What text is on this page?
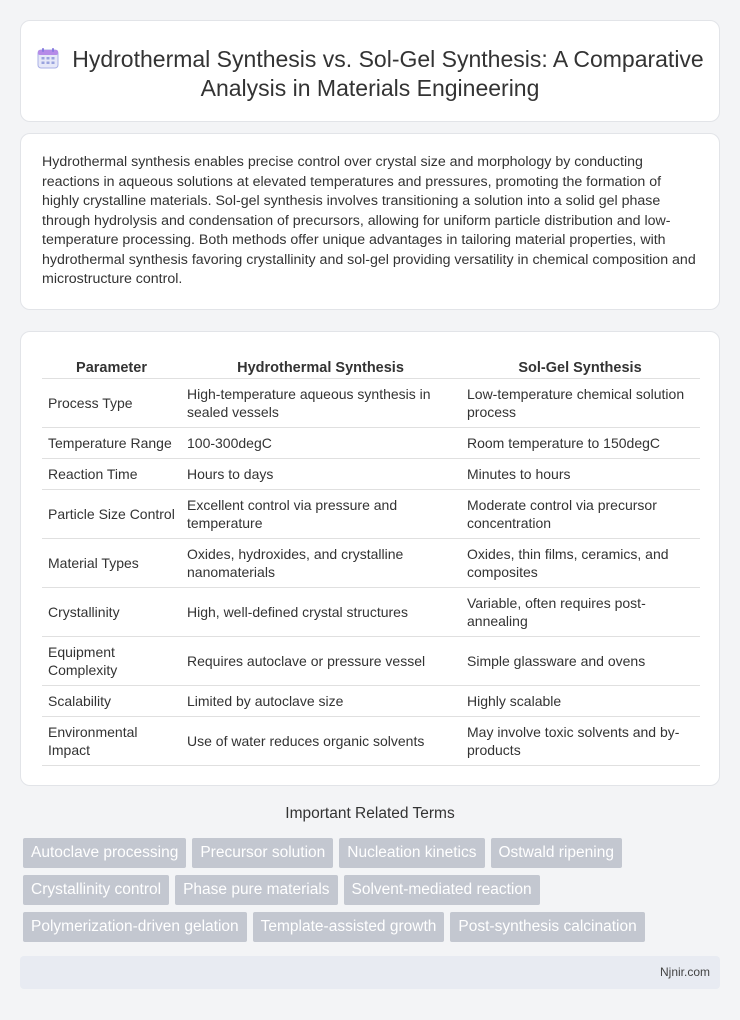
Hydrothermal Synthesis vs. Sol-Gel Synthesis: A Comparative Analysis in Materials Engineering

Hydrothermal synthesis enables precise control over crystal size and morphology by conducting reactions in aqueous solutions at elevated temperatures and pressures, promoting the formation of highly crystalline materials. Sol-gel synthesis involves transitioning a solution into a solid gel phase through hydrolysis and condensation of precursors, allowing for uniform particle distribution and low-temperature processing. Both methods offer unique advantages in tailoring material properties, with hydrothermal synthesis favoring crystallinity and sol-gel providing versatility in chemical composition and microstructure control.

Parameter	Hydrothermal Synthesis	Sol-Gel Synthesis
Process Type	High-temperature aqueous synthesis in sealed vessels	Low-temperature chemical solution process
Temperature Range	100-300degC	Room temperature to 150degC
Reaction Time	Hours to days	Minutes to hours
Particle Size Control	Excellent control via pressure and temperature	Moderate control via precursor concentration
Material Types	Oxides, hydroxides, and crystalline nanomaterials	Oxides, thin films, ceramics, and composites
Crystallinity	High, well-defined crystal structures	Variable, often requires post-annealing
Equipment Complexity	Requires autoclave or pressure vessel	Simple glassware and ovens
Scalability	Limited by autoclave size	Highly scalable
Environmental Impact	Use of water reduces organic solvents	May involve toxic solvents and by-products
Important Related Terms
Autoclave processing	Precursor solution	Nucleation kinetics	Ostwald ripening
Crystallinity control	Phase pure materials	Solvent-mediated reaction
Polymerization-driven gelation	Template-assisted growth	Post-synthesis calcination
Njnir.com
